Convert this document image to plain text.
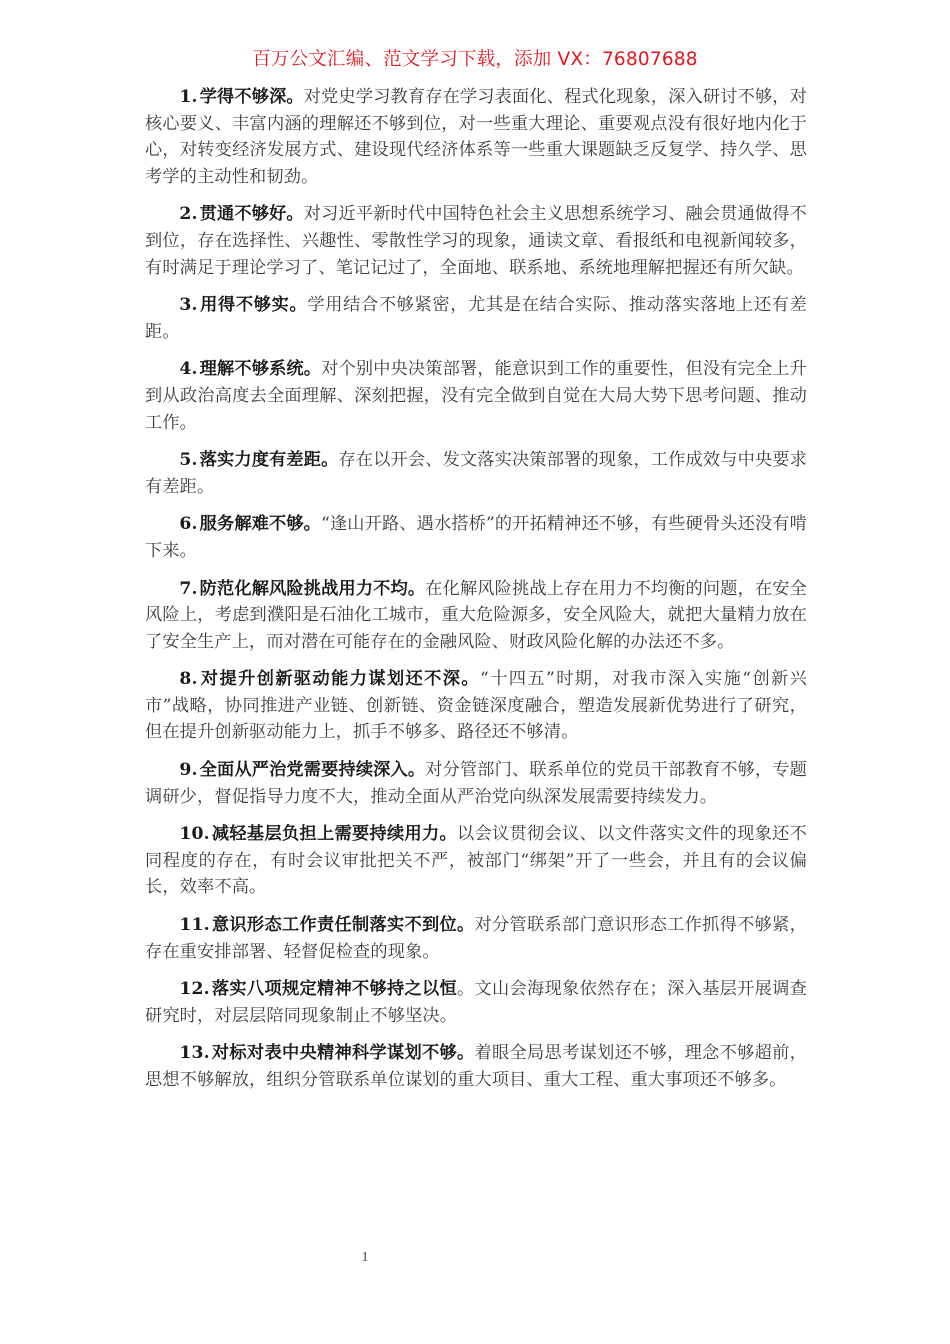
百万公文汇编、范文学习下载，添加 VX：76807688

1. 学得不够深。对党史学习教育存在学习表面化、程式化现象，深入研讨不够，对核心要义、丰富内涵的理解还不够到位，对一些重大理论、重要观点没有很好地内化于心，对转变经济发展方式、建设现代经济体系等一些重大课题缺乏反复学、持久学、思考学的主动性和韧劲。

2. 贯通不够好。对习近平新时代中国特色社会主义思想系统学习、融会贯通做得不到位，存在选择性、兴趣性、零散性学习的现象，通读文章、看报纸和电视新闻较多，有时满足于理论学习了、笔记记过了，全面地、联系地、系统地理解把握还有所欠缺。

3. 用得不够实。学用结合不够紧密，尤其是在结合实际、推动落实落地上还有差距。

4. 理解不够系统。对个别中央决策部署，能意识到工作的重要性，但没有完全上升到从政治高度去全面理解、深刻把握，没有完全做到自觉在大局大势下思考问题、推动工作。

5. 落实力度有差距。存在以开会、发文落实决策部署的现象，工作成效与中央要求有差距。

6. 服务解难不够。“逢山开路、遇水搭桥”的开拓精神还不够，有些硬骨头还没有啃下来。

7. 防范化解风险挑战用力不均。在化解风险挑战上存在用力不均衡的问题，在安全风险上，考虑到濮阳是石油化工城市，重大危险源多，安全风险大，就把大量精力放在了安全生产上，而对潜在可能存在的金融风险、财政风险化解的办法还不多。

8. 对提升创新驱动能力谋划还不深。“十四五”时期，对我市深入实施“创新兴市”战略，协同推进产业链、创新链、资金链深度融合，塑造发展新优势进行了研究，但在提升创新驱动能力上，抓手不够多、路径还不够清。

9. 全面从严治党需要持续深入。对分管部门、联系单位的党员干部教育不够，专题调研少，督促指导力度不大，推动全面从严治党向纵深发展需要持续发力。

10. 减轻基层负担上需要持续用力。以会议贯彻会议、以文件落实文件的现象还不同程度的存在，有时会议审批把关不严，被部门“绑架”开了一些会，并且有的会议偏长，效率不高。

11. 意识形态工作责任制落实不到位。对分管联系部门意识形态工作抓得不够紧，存在重安排部署、轻督促检查的现象。

12. 落实八项规定精神不够持之以恒。文山会海现象依然存在；深入基层开展调查研究时，对层层陪同现象制止不够坚决。

13. 对标对表中央精神科学谋划不够。着眼全局思考谋划还不够，理念不够超前，思想不够解放，组织分管联系单位谋划的重大项目、重大工程、重大事项还不够多。

1
